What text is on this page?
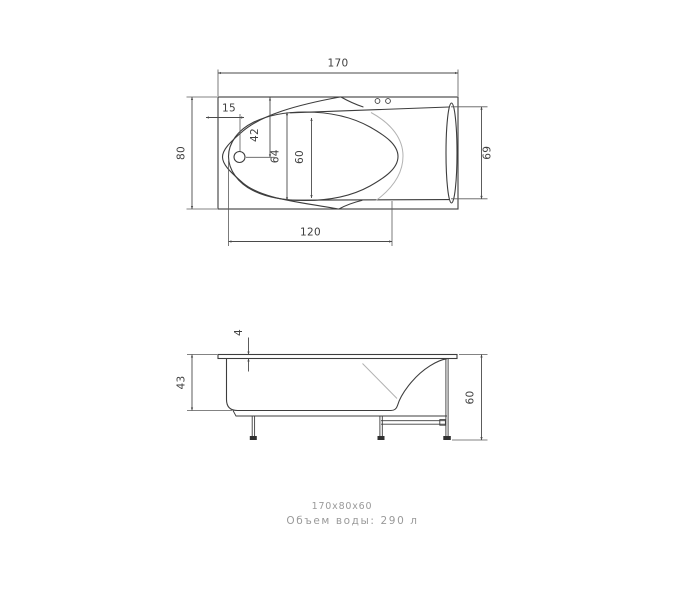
170
80	69
120
15
42
64 60
4
43
60
170x80x60
Объем воды: 290 л
